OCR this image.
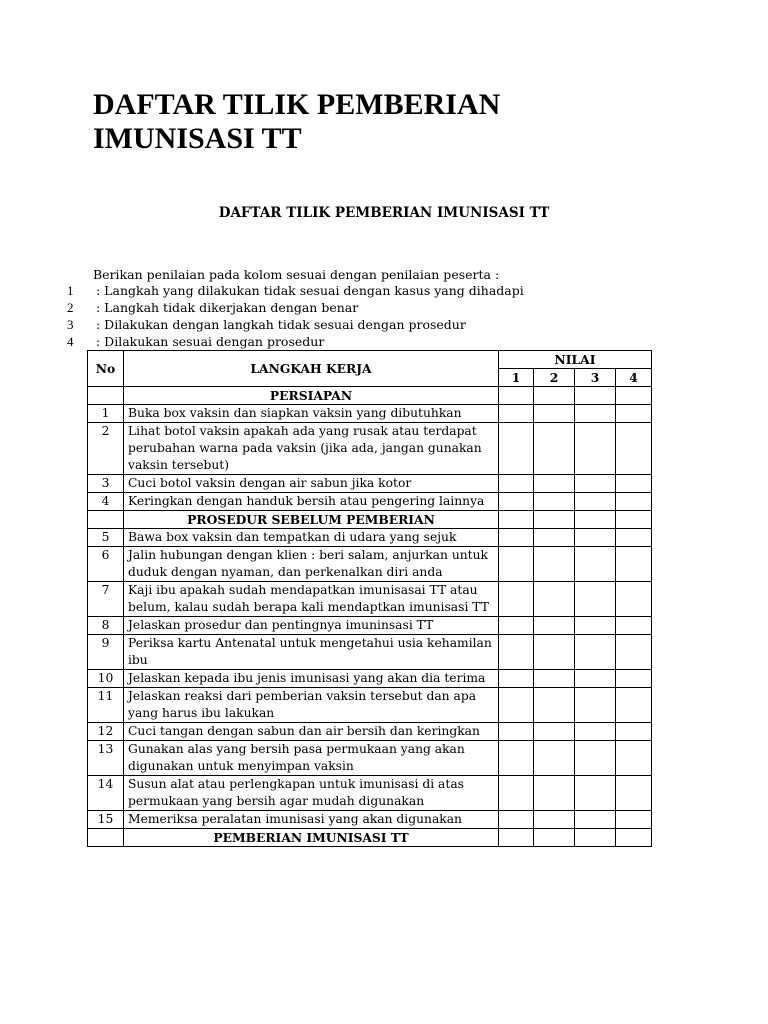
DAFTAR TILIK PEMBERIAN IMUNISASI TT
DAFTAR TILIK PEMBERIAN IMUNISASI TT
Berikan penilaian pada kolom sesuai dengan penilaian peserta :
1 : Langkah yang dilakukan tidak sesuai dengan kasus yang dihadapi
2 : Langkah tidak dikerjakan dengan benar
3 : Dilakukan dengan langkah tidak sesuai dengan prosedur
4 : Dilakukan sesuai dengan prosedur
No	LANGKAH KERJA	NILAI			
		1	2	3	4
	PERSIAPAN				
1	Buka box vaksin dan siapkan vaksin yang dibutuhkan				
2	Lihat botol vaksin apakah ada yang rusak atau terdapat perubahan warna pada vaksin (jika ada, jangan gunakan vaksin tersebut)				
3	Cuci botol vaksin dengan air sabun jika kotor				
4	Keringkan dengan handuk bersih atau pengering lainnya				
	PROSEDUR SEBELUM PEMBERIAN				
5	Bawa box vaksin dan tempatkan di udara yang sejuk				
6	Jalin hubungan dengan klien : beri salam, anjurkan untuk duduk dengan nyaman, dan perkenalkan diri anda				
7	Kaji ibu apakah sudah mendapatkan imunisasai TT atau belum, kalau sudah berapa kali mendaptkan imunisasi TT				
8	Jelaskan prosedur dan pentingnya imuninsasi TT				
9	Periksa kartu Antenatal untuk mengetahui usia kehamilan ibu				
10	Jelaskan kepada ibu jenis imunisasi yang akan dia terima				
11	Jelaskan reaksi dari pemberian vaksin tersebut dan apa yang harus ibu lakukan				
12	Cuci tangan dengan sabun dan air bersih dan keringkan				
13	Gunakan alas yang bersih pasa permukaan yang akan digunakan untuk menyimpan vaksin				
14	Susun alat atau perlengkapan untuk imunisasi di atas permukaan yang bersih agar mudah digunakan				
15	Memeriksa peralatan imunisasi yang akan digunakan				
	PEMBERIAN IMUNISASI TT				
